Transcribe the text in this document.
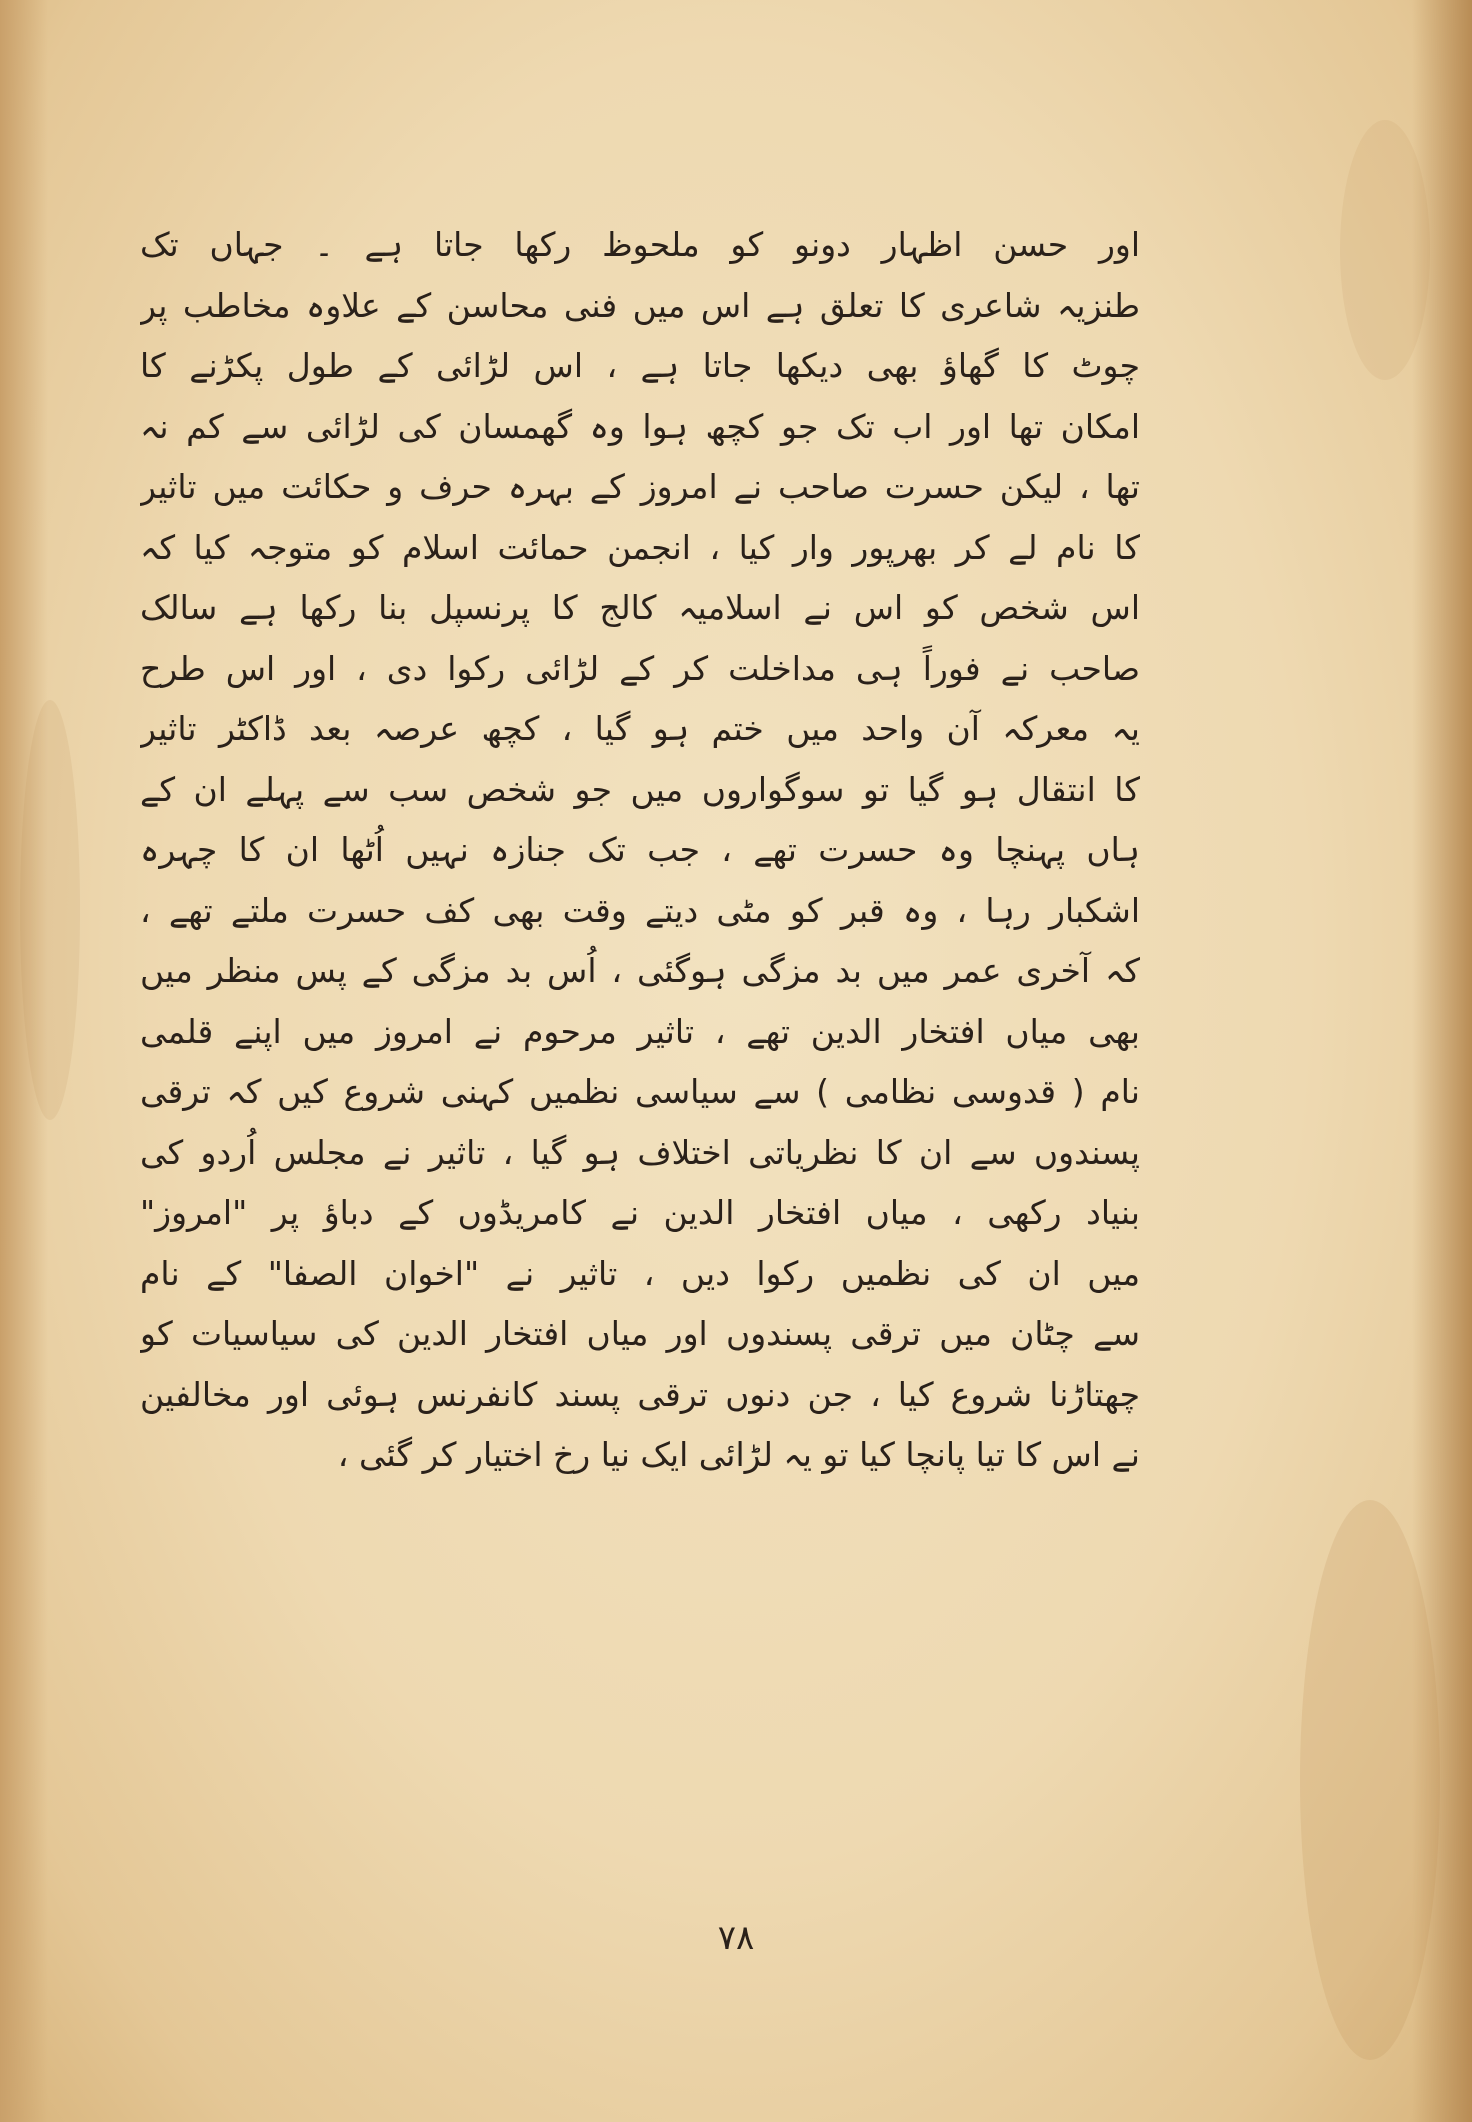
اور حسن اظہار دونو کو ملحوظ رکھا جاتا ہے ۔ جہاں تک
طنزیہ شاعری کا تعلق ہے اس میں فنی محاسن کے علاوہ مخاطب پر
چوٹ کا گھاؤ بھی دیکھا جاتا ہے ، اس لڑائی کے طول پکڑنے کا
امکان تھا اور اب تک جو کچھ ہوا وہ گھمسان کی لڑائی سے کم نہ
تھا ، لیکن حسرت صاحب نے امروز کے بہرہ حرف و حکائت میں تاثیر
کا نام لے کر بھرپور وار کیا ، انجمن حمائت اسلام کو متوجہ کیا کہ
اس شخص کو اس نے اسلامیہ کالج کا پرنسپل بنا رکھا ہے سالک
صاحب نے فوراً ہی مداخلت کر کے لڑائی رکوا دی ، اور اس طرح
یہ معرکہ آن واحد میں ختم ہو گیا ، کچھ عرصہ بعد ڈاکٹر تاثیر
کا انتقال ہو گیا تو سوگواروں میں جو شخص سب سے پہلے ان کے
ہاں پہنچا وہ حسرت تھے ، جب تک جنازہ نہیں اُٹھا ان کا چہرہ
اشکبار رہا ، وہ قبر کو مٹی دیتے وقت بھی کف حسرت ملتے تھے ،
کہ آخری عمر میں بد مزگی ہوگئی ، اُس بد مزگی کے پس منظر میں
بھی میاں افتخار الدین تھے ، تاثیر مرحوم نے امروز میں اپنے قلمی
نام ( قدوسی نظامی ) سے سیاسی نظمیں کہنی شروع کیں کہ ترقی
پسندوں سے ان کا نظریاتی اختلاف ہو گیا ، تاثیر نے مجلس اُردو کی
بنیاد رکھی ، میاں افتخار الدین نے کامریڈوں کے دباؤ پر "امروز"
میں ان کی نظمیں رکوا دیں ، تاثیر نے "اخوان الصفا" کے نام
سے چٹان میں ترقی پسندوں اور میاں افتخار الدین کی سیاسیات کو
چھتاڑنا شروع کیا ، جن دنوں ترقی پسند کانفرنس ہوئی اور مخالفین
نے اس کا تیا پانچا کیا تو یہ لڑائی ایک نیا رخ اختیار کر گئی ،
۷۸
